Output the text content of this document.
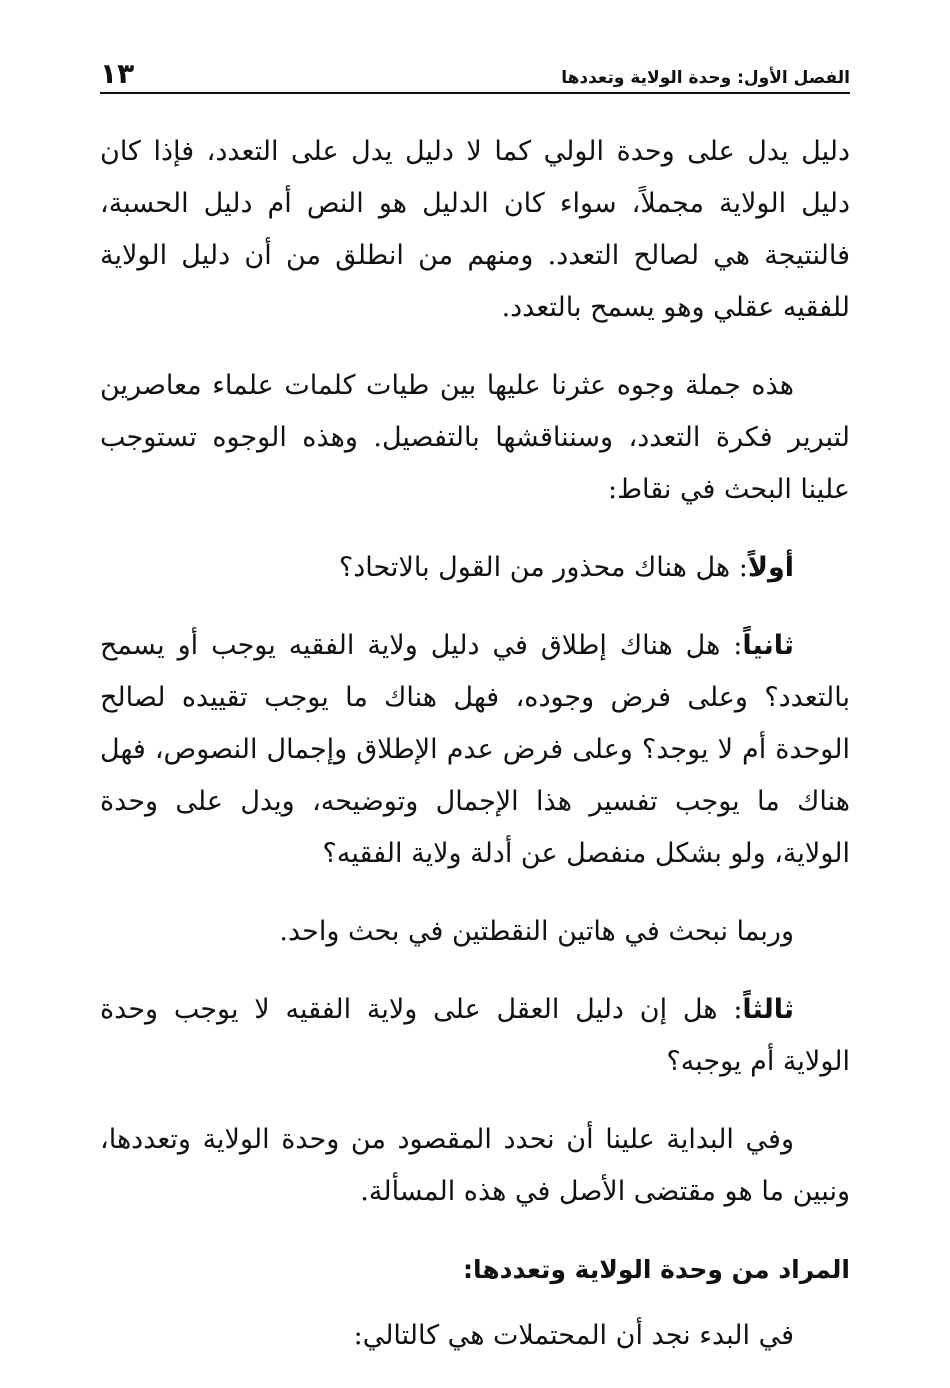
الفصل الأول: وحدة الولاية وتعددها
١٣

دليل يدل على وحدة الولي كما لا دليل يدل على التعدد، فإذا كان دليل الولاية مجملاً، سواء كان الدليل هو النص أم دليل الحسبة، فالنتيجة هي لصالح التعدد. ومنهم من انطلق من أن دليل الولاية للفقيه عقلي وهو يسمح بالتعدد.

هذه جملة وجوه عثرنا عليها بين طيات كلمات علماء معاصرين لتبرير فكرة التعدد، وسنناقشها بالتفصيل. وهذه الوجوه تستوجب علينا البحث في نقاط:

أولاً: هل هناك محذور من القول بالاتحاد؟

ثانياً: هل هناك إطلاق في دليل ولاية الفقيه يوجب أو يسمح بالتعدد؟ وعلى فرض وجوده، فهل هناك ما يوجب تقييده لصالح الوحدة أم لا يوجد؟ وعلى فرض عدم الإطلاق وإجمال النصوص، فهل هناك ما يوجب تفسير هذا الإجمال وتوضيحه، ويدل على وحدة الولاية، ولو بشكل منفصل عن أدلة ولاية الفقيه؟

وربما نبحث في هاتين النقطتين في بحث واحد.

ثالثاً: هل إن دليل العقل على ولاية الفقيه لا يوجب وحدة الولاية أم يوجبه؟

وفي البداية علينا أن نحدد المقصود من وحدة الولاية وتعددها، ونبين ما هو مقتضى الأصل في هذه المسألة.

المراد من وحدة الولاية وتعددها:

في البدء نجد أن المحتملات هي كالتالي:
